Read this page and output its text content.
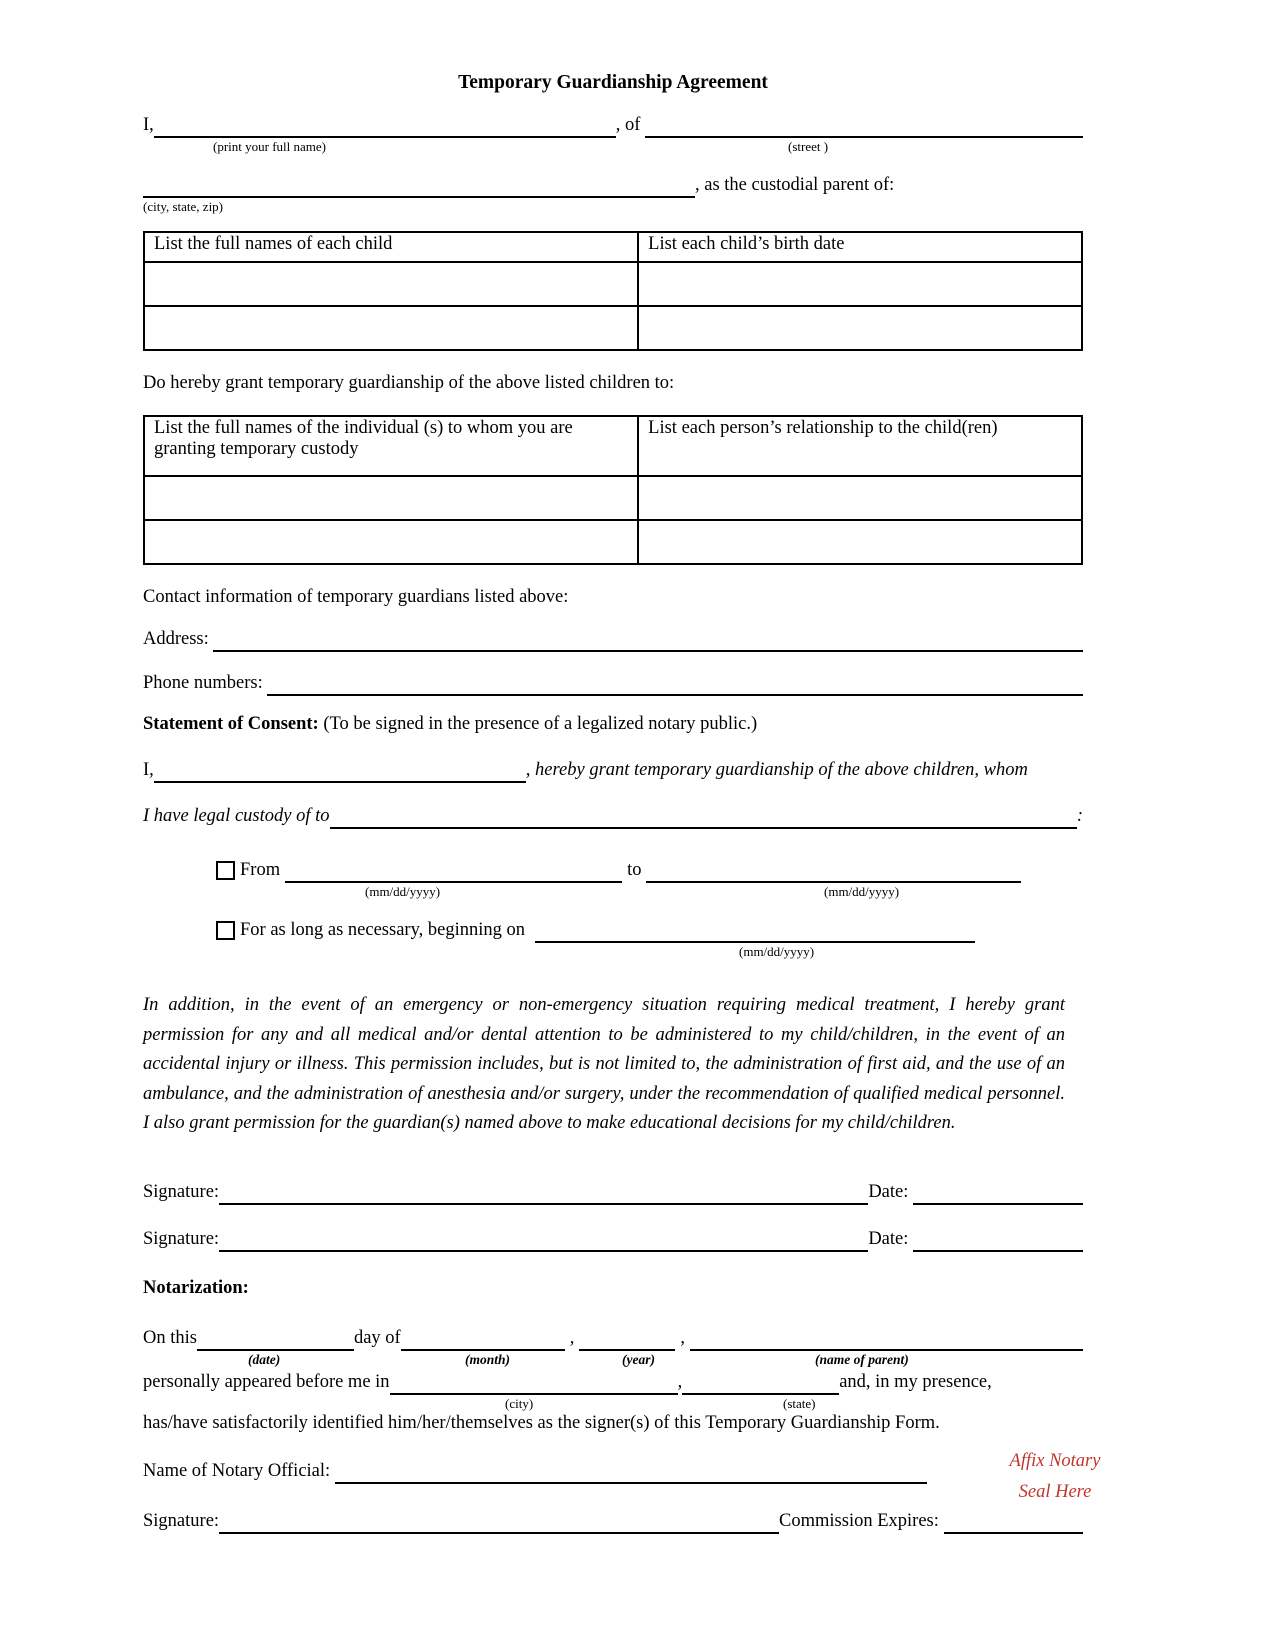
Temporary Guardianship Agreement
I,	, of
(print your full name)	(street )
, as the custodial parent of:
(city, state, zip)
List the full names of each child	List each child’s birth date

Do hereby grant temporary guardianship of the above listed children to:
List the full names of the individual (s) to whom you are granting temporary custody	List each person’s relationship to the child(ren)

Contact information of temporary guardians listed above:
Address:
Phone numbers:
Statement of Consent: (To be signed in the presence of a legalized notary public.)
I,	, hereby grant temporary guardianship of the above children, whom
I have legal custody of to	:
From	to
(mm/dd/yyyy)	(mm/dd/yyyy)
For as long as necessary, beginning on
(mm/dd/yyyy)

In addition, in the event of an emergency or non-emergency situation requiring medical treatment, I hereby grant permission for any and all medical and/or dental attention to be administered to my child/children, in the event of an accidental injury or illness. This permission includes, but is not limited to, the administration of first aid, and the use of an ambulance, and the administration of anesthesia and/or surgery, under the recommendation of qualified medical personnel. I also grant permission for the guardian(s) named above to make educational decisions for my child/children.

Signature:	Date:
Signature:	Date:
Notarization:
On this	day of	,	,
(date)	(month)	(year)	(name of parent)
personally appeared before me in	,	and, in my presence,
(city)	(state)
has/have satisfactorily identified him/her/themselves as the signer(s) of this Temporary Guardianship Form.
Name of Notary Official:
Signature:	Commission Expires:
Affix Notary
Seal Here
